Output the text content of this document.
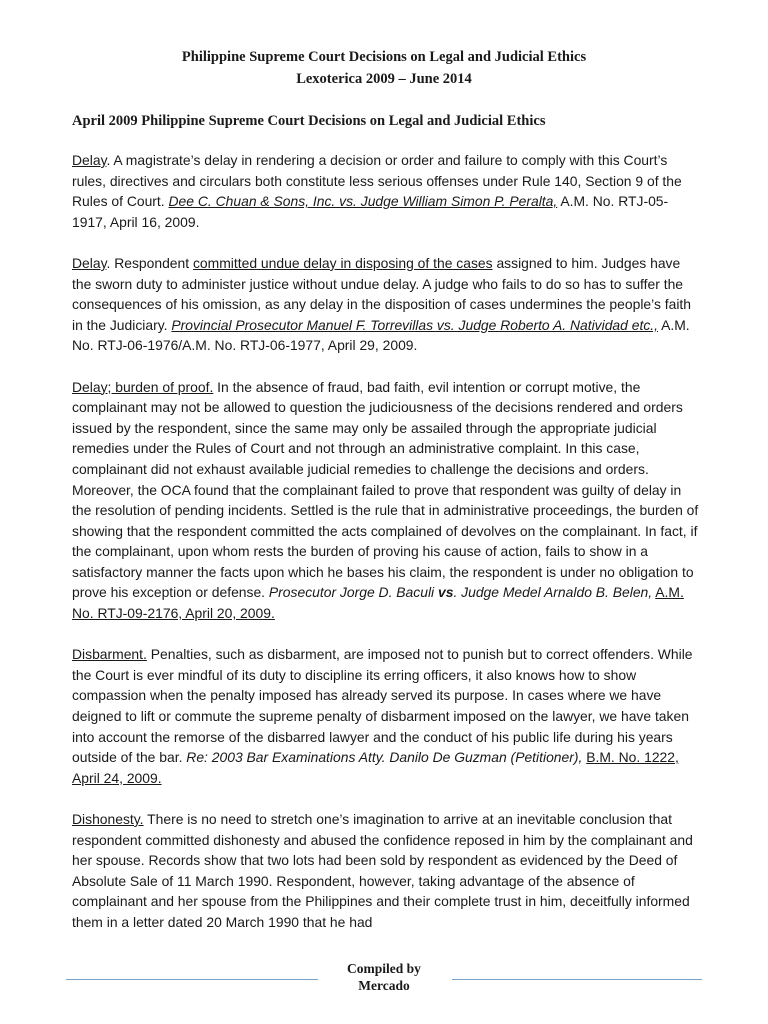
Philippine Supreme Court Decisions on Legal and Judicial Ethics
Lexoterica 2009 – June 2014
April 2009 Philippine Supreme Court Decisions on Legal and Judicial Ethics

Delay. A magistrate’s delay in rendering a decision or order and failure to comply with this Court’s rules, directives and circulars both constitute less serious offenses under Rule 140, Section 9 of the Rules of Court. Dee C. Chuan & Sons, Inc. vs. Judge William Simon P. Peralta, A.M. No. RTJ-05-1917, April 16, 2009.

Delay. Respondent committed undue delay in disposing of the cases assigned to him. Judges have the sworn duty to administer justice without undue delay. A judge who fails to do so has to suffer the consequences of his omission, as any delay in the disposition of cases undermines the people’s faith in the Judiciary. Provincial Prosecutor Manuel F. Torrevillas vs. Judge Roberto A. Natividad etc., A.M. No. RTJ-06-1976/A.M. No. RTJ-06-1977, April 29, 2009.

Delay; burden of proof. In the absence of fraud, bad faith, evil intention or corrupt motive, the complainant may not be allowed to question the judiciousness of the decisions rendered and orders issued by the respondent, since the same may only be assailed through the appropriate judicial remedies under the Rules of Court and not through an administrative complaint. In this case, complainant did not exhaust available judicial remedies to challenge the decisions and orders. Moreover, the OCA found that the complainant failed to prove that respondent was guilty of delay in the resolution of pending incidents. Settled is the rule that in administrative proceedings, the burden of showing that the respondent committed the acts complained of devolves on the complainant. In fact, if the complainant, upon whom rests the burden of proving his cause of action, fails to show in a satisfactory manner the facts upon which he bases his claim, the respondent is under no obligation to prove his exception or defense. Prosecutor Jorge D. Baculi vs. Judge Medel Arnaldo B. Belen, A.M. No. RTJ-09-2176, April 20, 2009.

Disbarment. Penalties, such as disbarment, are imposed not to punish but to correct offenders. While the Court is ever mindful of its duty to discipline its erring officers, it also knows how to show compassion when the penalty imposed has already served its purpose. In cases where we have deigned to lift or commute the supreme penalty of disbarment imposed on the lawyer, we have taken into account the remorse of the disbarred lawyer and the conduct of his public life during his years outside of the bar. Re: 2003 Bar Examinations Atty. Danilo De Guzman (Petitioner), B.M. No. 1222, April 24, 2009.

Dishonesty. There is no need to stretch one’s imagination to arrive at an inevitable conclusion that respondent committed dishonesty and abused the confidence reposed in him by the complainant and her spouse. Records show that two lots had been sold by respondent as evidenced by the Deed of Absolute Sale of 11 March 1990. Respondent, however, taking advantage of the absence of complainant and her spouse from the Philippines and their complete trust in him, deceitfully informed them in a letter dated 20 March 1990 that he had

Compiled by
Mercado
